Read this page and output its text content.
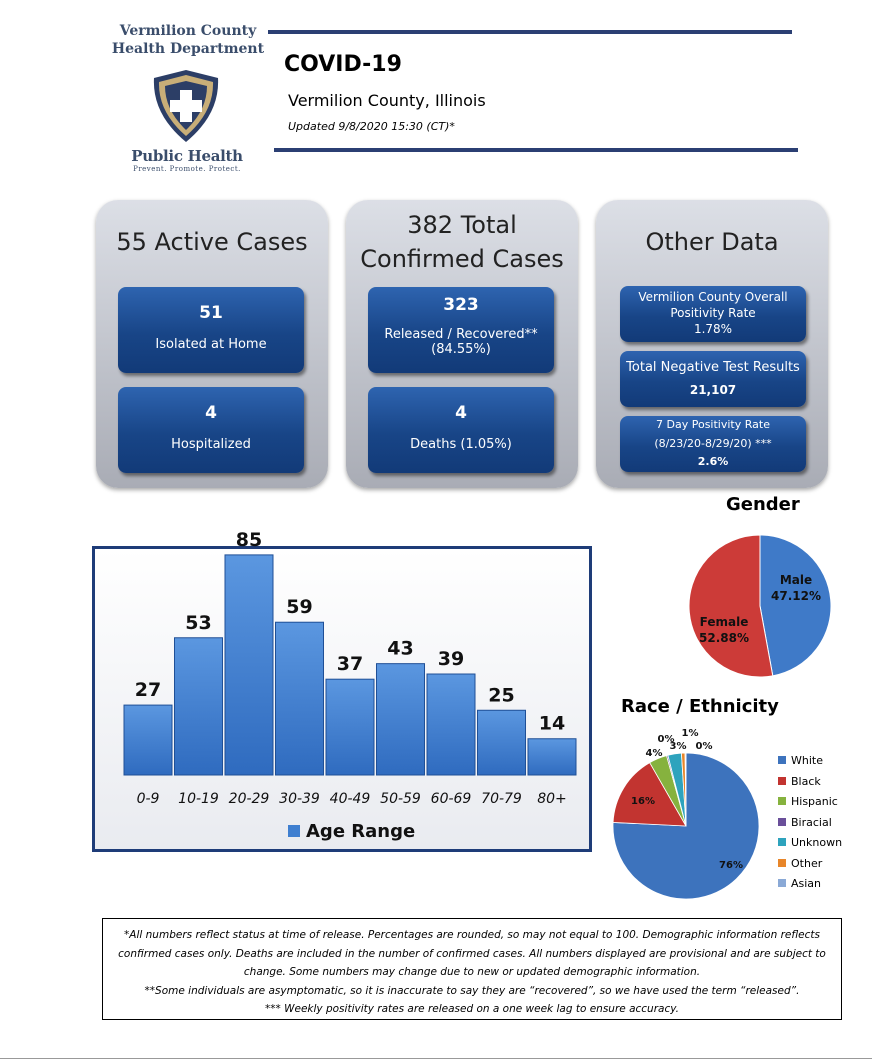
Vermilion County
Health Department
Public Health
Prevent. Promote. Protect.
COVID-19
Vermilion County, Illinois
Updated 9/8/2020 15:30 (CT)*
55 Active Cases
51
Isolated at Home
4
Hospitalized
382 Total
Confirmed Cases
323
Released / Recovered**
(84.55%)
4
Deaths (1.05%)
Other Data
Vermilion County Overall
Positivity Rate
1.78%
Total Negative Test Results
21,107
7 Day Positivity Rate
(8/23/20-8/29/20) ***
2.6%
27
0-9
53
10-19
85
20-29
59
30-39
37
40-49
43
50-59
39
60-69
25
70-79
14
80+
Age Range
Gender
Male
47.12%
Female
52.88%
Race / Ethnicity
76%
16%
4%
0%
3%
1%
0%
White
Black
Hispanic
Biracial
Unknown
Other
Asian
*All numbers reflect status at time of release. Percentages are rounded, so may not equal to 100. Demographic information reflects
confirmed cases only. Deaths are included in the number of confirmed cases. All numbers displayed are provisional and are subject to
change. Some numbers may change due to new or updated demographic information.
**Some individuals are asymptomatic, so it is inaccurate to say they are “recovered”, so we have used the term “released”.
*** Weekly positivity rates are released on a one week lag to ensure accuracy.
